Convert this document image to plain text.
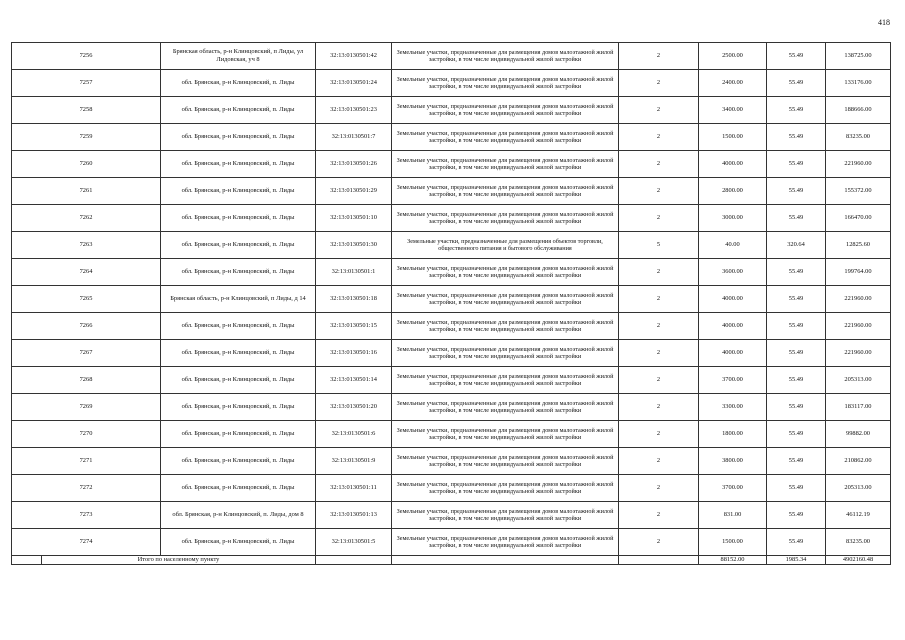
418
7256		Брянская область, р-н Клинцовский, п Лиды, ул Лидовская, уч 8	32:13:0130501:42	Земельные участки, предназначенные для размещения домов малоэтажной жилой застройки, в том числе индивидуальной жилой застройки	2	2500.00	55.49	138725.00
7257		обл. Брянская, р-н Клинцовский, п. Лиды	32:13:0130501:24	Земельные участки, предназначенные для размещения домов малоэтажной жилой застройки, в том числе индивидуальной жилой застройки	2	2400.00	55.49	133176.00
7258		обл. Брянская, р-н Клинцовский, п. Лиды	32:13:0130501:23	Земельные участки, предназначенные для размещения домов малоэтажной жилой застройки, в том числе индивидуальной жилой застройки	2	3400.00	55.49	188666.00
7259		обл. Брянская, р-н Клинцовский, п. Лиды	32:13:0130501:7	Земельные участки, предназначенные для размещения домов малоэтажной жилой застройки, в том числе индивидуальной жилой застройки	2	1500.00	55.49	83235.00
7260		обл. Брянская, р-н Клинцовский, п. Лиды	32:13:0130501:26	Земельные участки, предназначенные для размещения домов малоэтажной жилой застройки, в том числе индивидуальной жилой застройки	2	4000.00	55.49	221960.00
7261		обл. Брянская, р-н Клинцовский, п. Лиды	32:13:0130501:29	Земельные участки, предназначенные для размещения домов малоэтажной жилой застройки, в том числе индивидуальной жилой застройки	2	2800.00	55.49	155372.00
7262		обл. Брянская, р-н Клинцовский, п. Лиды	32:13:0130501:10	Земельные участки, предназначенные для размещения домов малоэтажной жилой застройки, в том числе индивидуальной жилой застройки	2	3000.00	55.49	166470.00
7263		обл. Брянская, р-н Клинцовский, п. Лиды	32:13:0130501:30	Земельные участки, предназначенные для размещения объектов торговли, общественного питания и бытового обслуживания	5	40.00	320.64	12825.60
7264		обл. Брянская, р-н Клинцовский, п. Лиды	32:13:0130501:1	Земельные участки, предназначенные для размещения домов малоэтажной жилой застройки, в том числе индивидуальной жилой застройки	2	3600.00	55.49	199764.00
7265		Брянская область, р-н Клинцовский, п Лиды, д 14	32:13:0130501:18	Земельные участки, предназначенные для размещения домов малоэтажной жилой застройки, в том числе индивидуальной жилой застройки	2	4000.00	55.49	221960.00
7266		обл. Брянская, р-н Клинцовский, п. Лиды	32:13:0130501:15	Земельные участки, предназначенные для размещения домов малоэтажной жилой застройки, в том числе индивидуальной жилой застройки	2	4000.00	55.49	221960.00
7267		обл. Брянская, р-н Клинцовский, п. Лиды	32:13:0130501:16	Земельные участки, предназначенные для размещения домов малоэтажной жилой застройки, в том числе индивидуальной жилой застройки	2	4000.00	55.49	221960.00
7268		обл. Брянская, р-н Клинцовский, п. Лиды	32:13:0130501:14	Земельные участки, предназначенные для размещения домов малоэтажной жилой застройки, в том числе индивидуальной жилой застройки	2	3700.00	55.49	205313.00
7269		обл. Брянская, р-н Клинцовский, п. Лиды	32:13:0130501:20	Земельные участки, предназначенные для размещения домов малоэтажной жилой застройки, в том числе индивидуальной жилой застройки	2	3300.00	55.49	183117.00
7270		обл. Брянская, р-н Клинцовский, п. Лиды	32:13:0130501:6	Земельные участки, предназначенные для размещения домов малоэтажной жилой застройки, в том числе индивидуальной жилой застройки	2	1800.00	55.49	99882.00
7271		обл. Брянская, р-н Клинцовский, п. Лиды	32:13:0130501:9	Земельные участки, предназначенные для размещения домов малоэтажной жилой застройки, в том числе индивидуальной жилой застройки	2	3800.00	55.49	210862.00
7272		обл. Брянская, р-н Клинцовский, п. Лиды	32:13:0130501:11	Земельные участки, предназначенные для размещения домов малоэтажной жилой застройки, в том числе индивидуальной жилой застройки	2	3700.00	55.49	205313.00
7273		обл. Брянская, р-н Клинцовский, п. Лиды, дом 8	32:13:0130501:13	Земельные участки, предназначенные для размещения домов малоэтажной жилой застройки, в том числе индивидуальной жилой застройки	2	831.00	55.49	46112.19
7274		обл. Брянская, р-н Клинцовский, п. Лиды	32:13:0130501:5	Земельные участки, предназначенные для размещения домов малоэтажной жилой застройки, в том числе индивидуальной жилой застройки	2	1500.00	55.49	83235.00
	Итого по населенному пункту					88152.00	1985.34	4902160.48
